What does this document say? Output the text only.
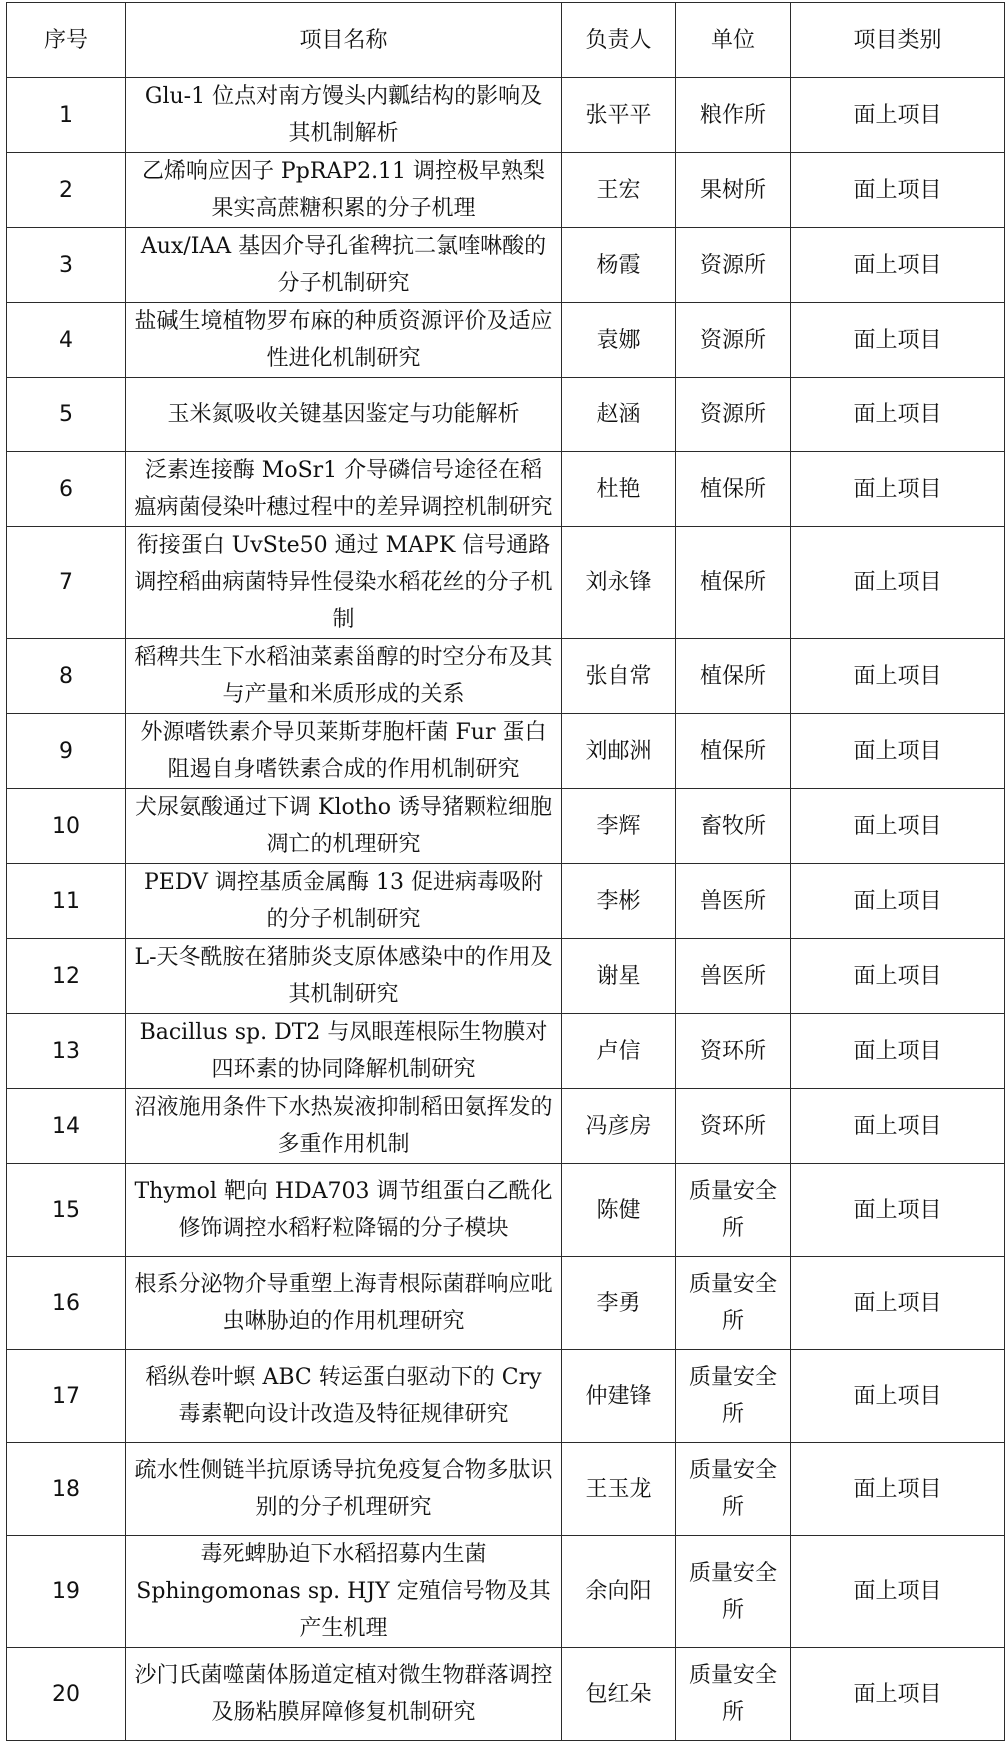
序号	项目名称	负责人	单位	项目类别
1	Glu-1 位点对南方馒头内瓤结构的影响及其机制解析	张平平	粮作所	面上项目
2	乙烯响应因子 PpRAP2.11 调控极早熟梨果实高蔗糖积累的分子机理	王宏	果树所	面上项目
3	Aux/IAA 基因介导孔雀稗抗二氯喹啉酸的分子机制研究	杨霞	资源所	面上项目
4	盐碱生境植物罗布麻的种质资源评价及适应性进化机制研究	袁娜	资源所	面上项目
5	玉米氮吸收关键基因鉴定与功能解析	赵涵	资源所	面上项目
6	泛素连接酶 MoSr1 介导磷信号途径在稻瘟病菌侵染叶穗过程中的差异调控机制研究	杜艳	植保所	面上项目
7	衔接蛋白 UvSte50 通过 MAPK 信号通路调控稻曲病菌特异性侵染水稻花丝的分子机制	刘永锋	植保所	面上项目
8	稻稗共生下水稻油菜素甾醇的时空分布及其与产量和米质形成的关系	张自常	植保所	面上项目
9	外源嗜铁素介导贝莱斯芽胞杆菌 Fur 蛋白阻遏自身嗜铁素合成的作用机制研究	刘邮洲	植保所	面上项目
10	犬尿氨酸通过下调 Klotho 诱导猪颗粒细胞凋亡的机理研究	李辉	畜牧所	面上项目
11	PEDV 调控基质金属酶 13 促进病毒吸附的分子机制研究	李彬	兽医所	面上项目
12	L-天冬酰胺在猪肺炎支原体感染中的作用及其机制研究	谢星	兽医所	面上项目
13	Bacillus sp. DT2 与凤眼莲根际生物膜对四环素的协同降解机制研究	卢信	资环所	面上项目
14	沼液施用条件下水热炭液抑制稻田氨挥发的多重作用机制	冯彦房	资环所	面上项目
15	Thymol 靶向 HDA703 调节组蛋白乙酰化修饰调控水稻籽粒降镉的分子模块	陈健	质量安全所	面上项目
16	根系分泌物介导重塑上海青根际菌群响应吡虫啉胁迫的作用机理研究	李勇	质量安全所	面上项目
17	稻纵卷叶螟 ABC 转运蛋白驱动下的 Cry 毒素靶向设计改造及特征规律研究	仲建锋	质量安全所	面上项目
18	疏水性侧链半抗原诱导抗免疫复合物多肽识别的分子机理研究	王玉龙	质量安全所	面上项目
19	毒死蜱胁迫下水稻招募内生菌 Sphingomonas sp. HJY 定殖信号物及其产生机理	余向阳	质量安全所	面上项目
20	沙门氏菌噬菌体肠道定植对微生物群落调控及肠粘膜屏障修复机制研究	包红朵	质量安全所	面上项目
